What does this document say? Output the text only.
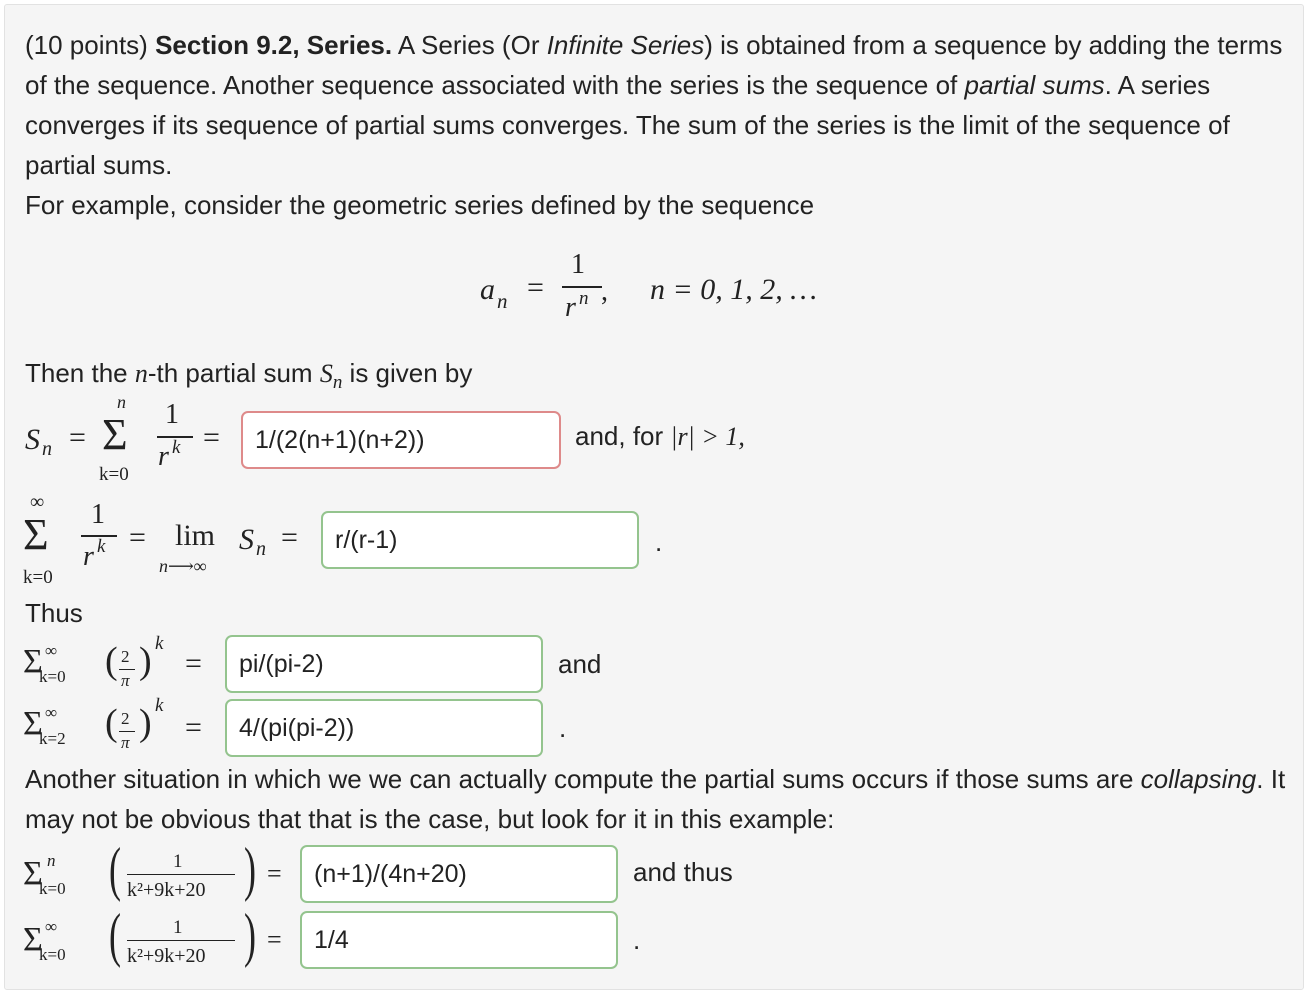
(10 points) Section 9.2, Series. A Series (Or Infinite Series) is obtained from a sequence by adding the terms of the sequence. Another sequence associated with the series is the sequence of partial sums. A series converges if its sequence of partial sums converges. The sum of the series is the limit of the sequence of partial sums.

For example, consider the geometric series defined by the sequence

a n =
1
r n , n = 0, 1, 2, …

Then the n-th partial sum $S_n$ is given by

S n =
n
Σ
k=0
1
r k =	1/(2(n+1)(n+2))	and, for |r| > 1,

∞
Σ
k=0
1
r k = lim
n⟶∞
S n =	r/(r-1)	.

Thus

Σ ∞
k=0 ( 2
π ) k
=	pi/(pi-2)	and
Σ ∞
k=2 ( 2
π ) k
=	4/(pi(pi-2))	.

Another situation in which we we can actually compute the partial sums occurs if those sums are collapsing. It may not be obvious that that is the case, but look for it in this example:

Σ n
k=0 (	1
k²+9k+20 ) =	(n+1)/(4n+20)	and thus
Σ ∞
k=0 (	1
k²+9k+20 ) =	1/4	.
